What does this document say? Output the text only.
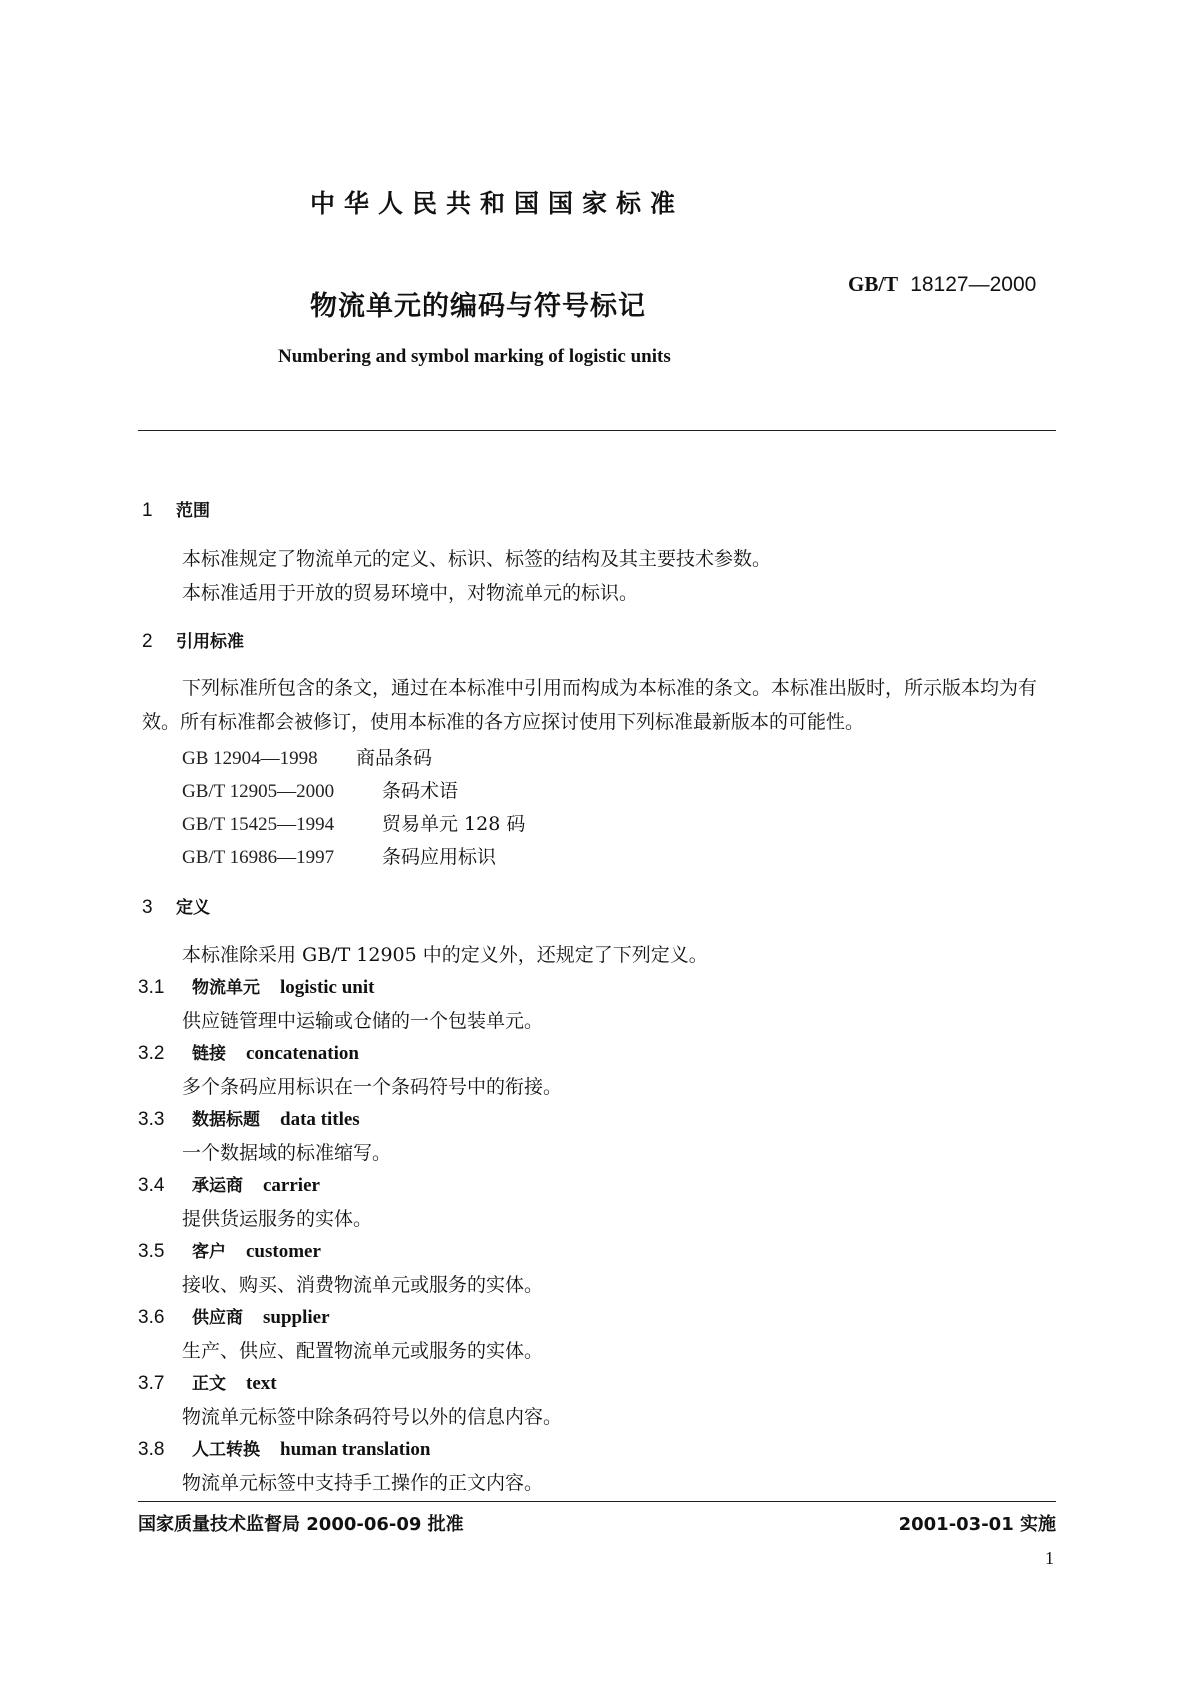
中华人民共和国国家标准
物流单元的编码与符号标记
GB/T 18127—2000
Numbering and symbol marking of logistic units
1 范围
本标准规定了物流单元的定义、标识、标签的结构及其主要技术参数。
本标准适用于开放的贸易环境中，对物流单元的标识。
2 引用标准
下列标准所包含的条文，通过在本标准中引用而构成为本标准的条文。本标准出版时，所示版本均为有效。所有标准都会被修订，使用本标准的各方应探讨使用下列标准最新版本的可能性。
GB 12904—1998 商品条码
GB/T 12905—2000	条码术语
GB/T 15425—1994	贸易单元 128 码
GB/T 16986—1997	条码应用标识
3 定义
本标准除采用 GB/T 12905 中的定义外，还规定了下列定义。
3.1 物流单元 logistic unit
供应链管理中运输或仓储的一个包装单元。
3.2 链接 concatenation
多个条码应用标识在一个条码符号中的衔接。
3.3 数据标题 data titles
一个数据域的标准缩写。
3.4 承运商 carrier
提供货运服务的实体。
3.5 客户 customer
接收、购买、消费物流单元或服务的实体。
3.6 供应商 supplier
生产、供应、配置物流单元或服务的实体。
3.7 正文 text
物流单元标签中除条码符号以外的信息内容。
3.8 人工转换 human translation
物流单元标签中支持手工操作的正文内容。
国家质量技术监督局 2000-06-09 批准	2001-03-01 实施
1
